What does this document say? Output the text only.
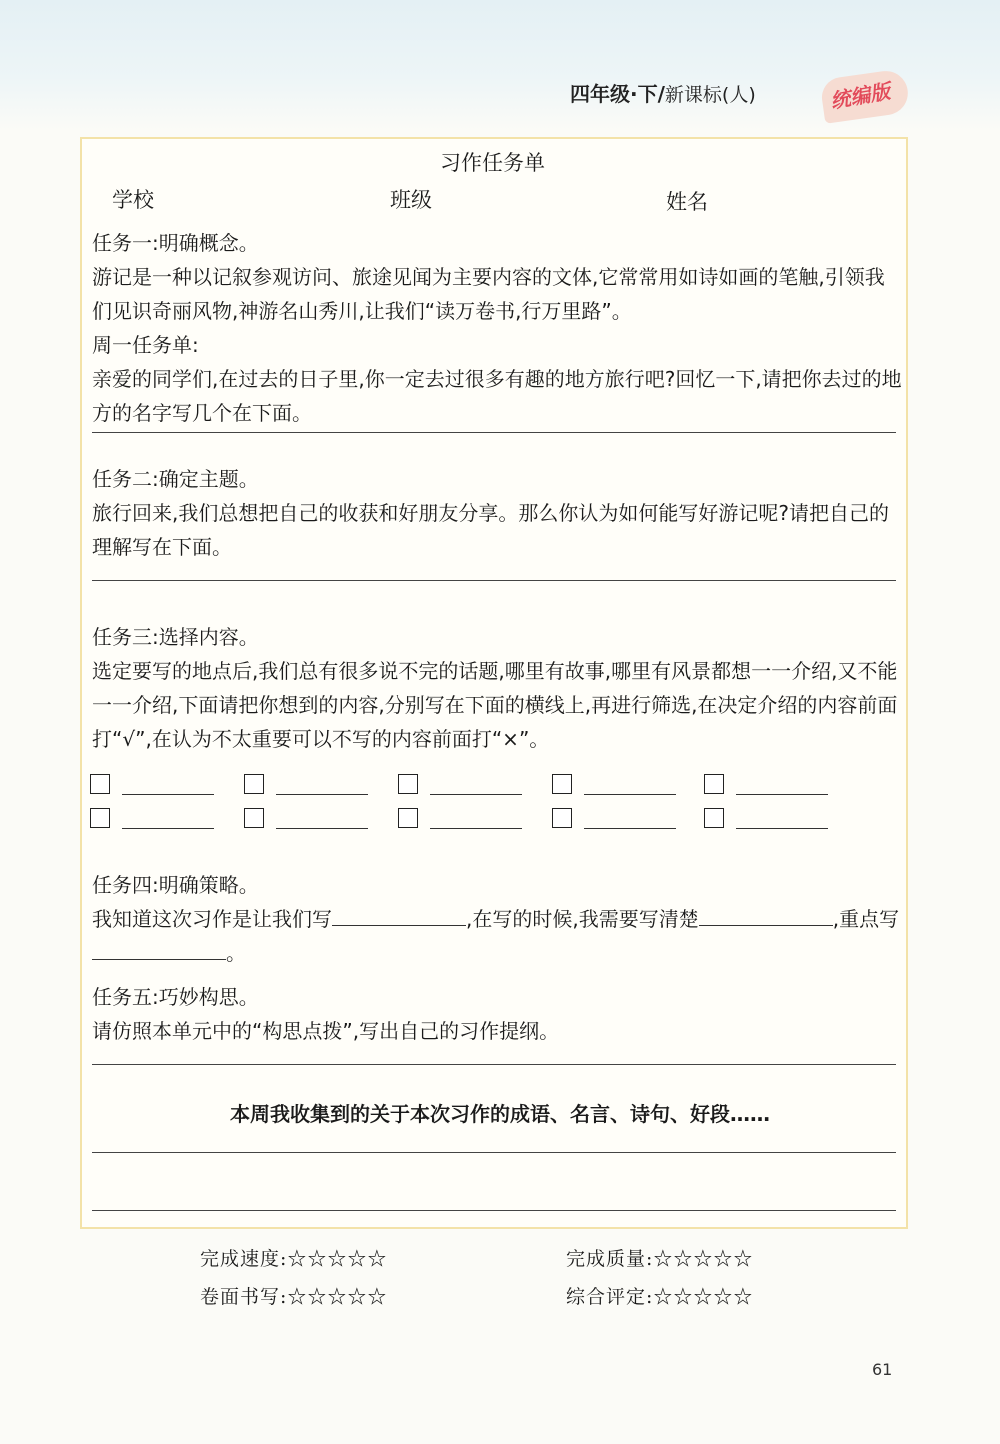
四年级·下/新课标(人)	统编版
习作任务单
学校	班级	姓名
任务一:明确概念。
游记是一种以记叙参观访问、旅途见闻为主要内容的文体,它常常用如诗如画的笔触,引领我们见识奇丽风物,神游名山秀川,让我们“读万卷书,行万里路”。
周一任务单:
亲爱的同学们,在过去的日子里,你一定去过很多有趣的地方旅行吧?回忆一下,请把你去过的地方的名字写几个在下面。
任务二:确定主题。
旅行回来,我们总想把自己的收获和好朋友分享。那么你认为如何能写好游记呢?请把自己的理解写在下面。
任务三:选择内容。
选定要写的地点后,我们总有很多说不完的话题,哪里有故事,哪里有风景都想一一介绍,又不能一一介绍,下面请把你想到的内容,分别写在下面的横线上,再进行筛选,在决定介绍的内容前面打“√”,在认为不太重要可以不写的内容前面打“×”。
任务四:明确策略。
我知道这次习作是让我们写	,在写的时候,我需要写清楚	,重点写。
任务五:巧妙构思。
请仿照本单元中的“构思点拨”,写出自己的习作提纲。
本周我收集到的关于本次习作的成语、名言、诗句、好段……
完成速度:☆☆☆☆☆	完成质量:☆☆☆☆☆
卷面书写:☆☆☆☆☆	综合评定:☆☆☆☆☆
61
